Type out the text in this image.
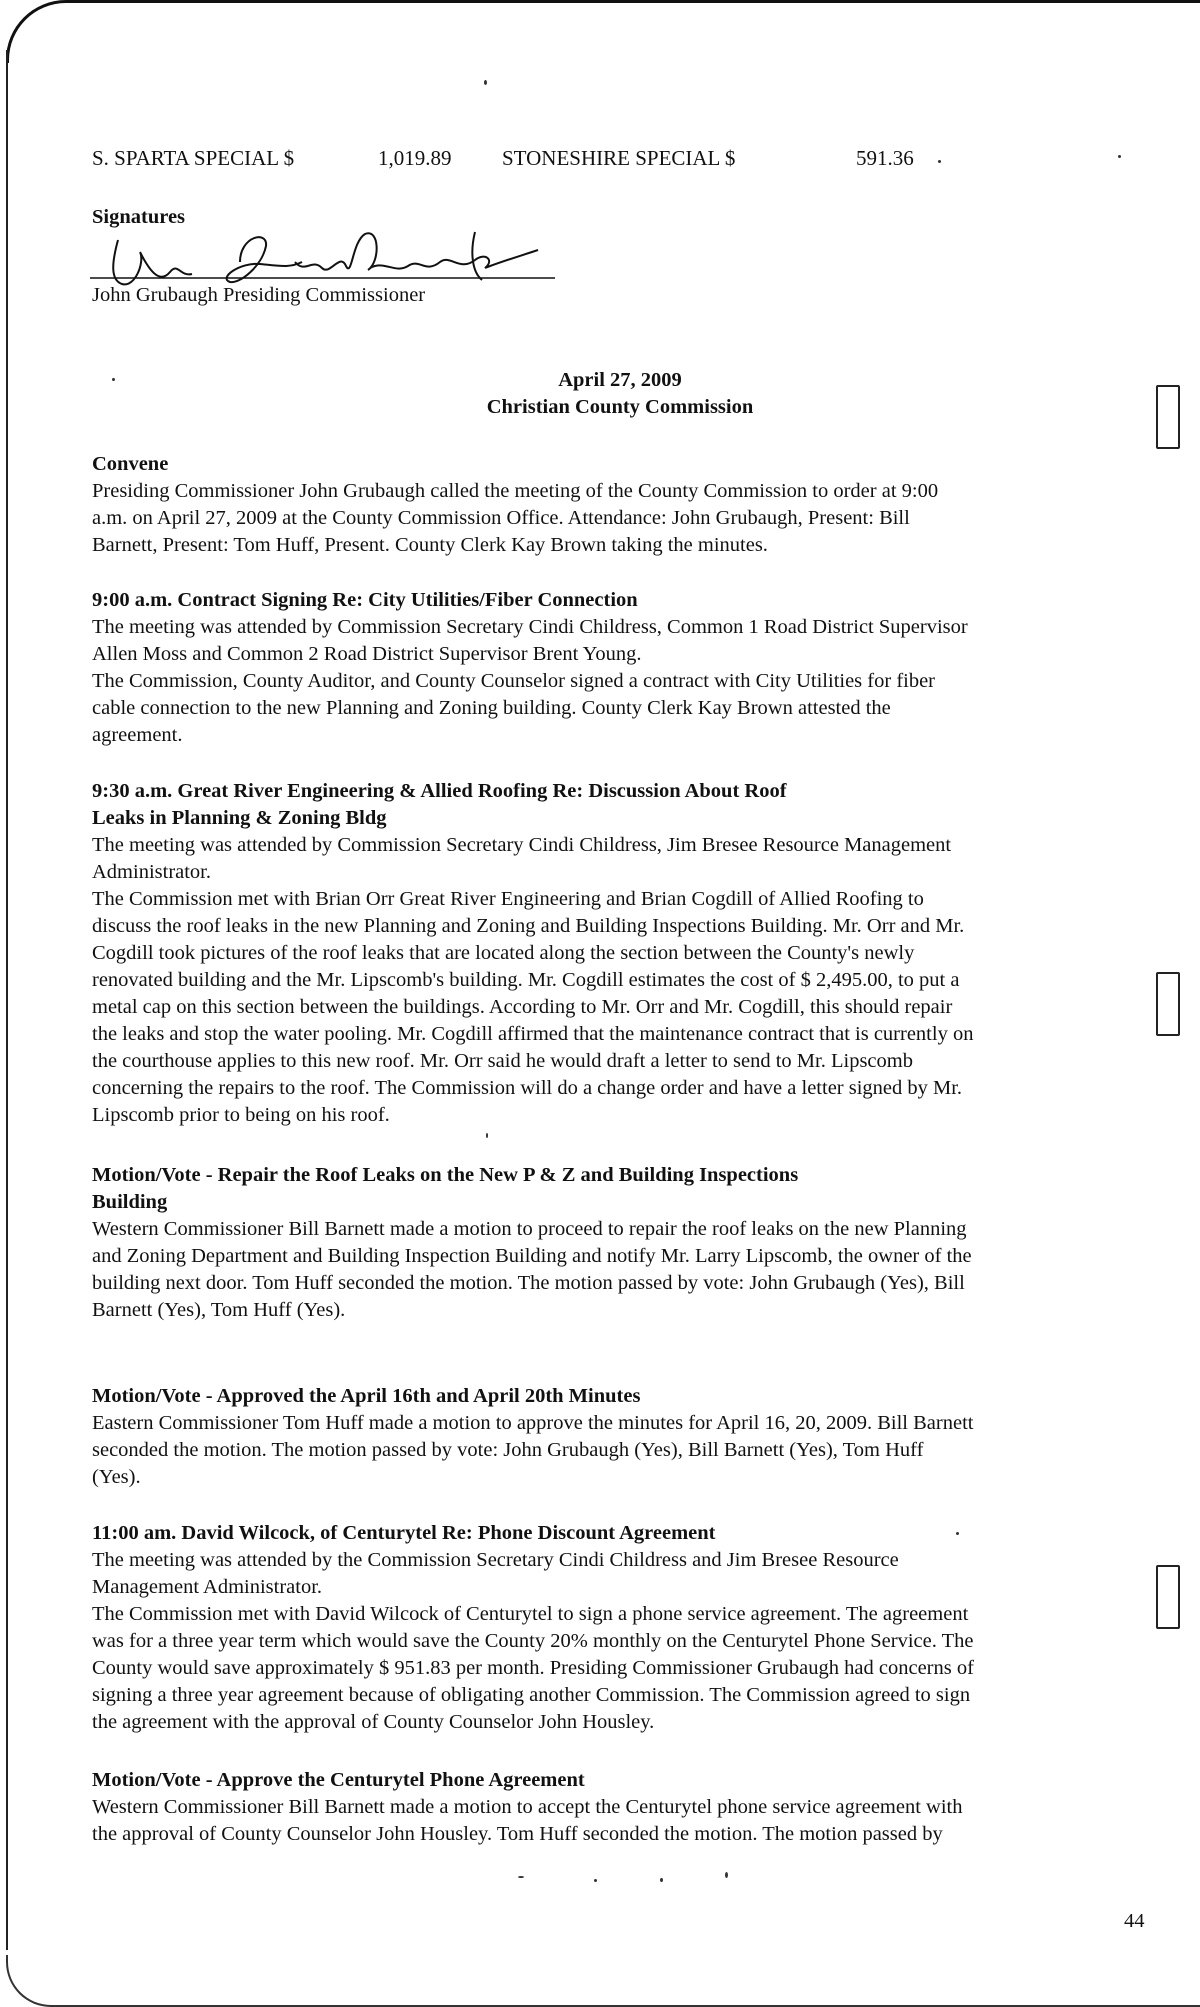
S. SPARTA SPECIAL $	1,019.89 STONESHIRE SPECIAL $	591.36
Signatures
John Grubaugh Presiding Commissioner
April 27, 2009
Christian County Commission
Convene
Presiding Commissioner John Grubaugh called the meeting of the County Commission to order at 9:00
a.m. on April 27, 2009 at the County Commission Office. Attendance: John Grubaugh, Present: Bill
Barnett, Present: Tom Huff, Present. County Clerk Kay Brown taking the minutes.
9:00 a.m. Contract Signing Re: City Utilities/Fiber Connection
The meeting was attended by Commission Secretary Cindi Childress, Common 1 Road District Supervisor
Allen Moss and Common 2 Road District Supervisor Brent Young.
The Commission, County Auditor, and County Counselor signed a contract with City Utilities for fiber
cable connection to the new Planning and Zoning building. County Clerk Kay Brown attested the
agreement.
9:30 a.m. Great River Engineering & Allied Roofing Re: Discussion About Roof
Leaks in Planning & Zoning Bldg
The meeting was attended by Commission Secretary Cindi Childress, Jim Bresee Resource Management
Administrator.
The Commission met with Brian Orr Great River Engineering and Brian Cogdill of Allied Roofing to
discuss the roof leaks in the new Planning and Zoning and Building Inspections Building. Mr. Orr and Mr.
Cogdill took pictures of the roof leaks that are located along the section between the County's newly
renovated building and the Mr. Lipscomb's building. Mr. Cogdill estimates the cost of $ 2,495.00, to put a
metal cap on this section between the buildings. According to Mr. Orr and Mr. Cogdill, this should repair
the leaks and stop the water pooling. Mr. Cogdill affirmed that the maintenance contract that is currently on
the courthouse applies to this new roof. Mr. Orr said he would draft a letter to send to Mr. Lipscomb
concerning the repairs to the roof. The Commission will do a change order and have a letter signed by Mr.
Lipscomb prior to being on his roof.
Motion/Vote - Repair the Roof Leaks on the New P & Z and Building Inspections
Building
Western Commissioner Bill Barnett made a motion to proceed to repair the roof leaks on the new Planning
and Zoning Department and Building Inspection Building and notify Mr. Larry Lipscomb, the owner of the
building next door. Tom Huff seconded the motion. The motion passed by vote: John Grubaugh (Yes), Bill
Barnett (Yes), Tom Huff (Yes).
Motion/Vote - Approved the April 16th and April 20th Minutes
Eastern Commissioner Tom Huff made a motion to approve the minutes for April 16, 20, 2009. Bill Barnett
seconded the motion. The motion passed by vote: John Grubaugh (Yes), Bill Barnett (Yes), Tom Huff
(Yes).
11:00 am. David Wilcock, of Centurytel Re: Phone Discount Agreement
The meeting was attended by the Commission Secretary Cindi Childress and Jim Bresee Resource
Management Administrator.
The Commission met with David Wilcock of Centurytel to sign a phone service agreement. The agreement
was for a three year term which would save the County 20% monthly on the Centurytel Phone Service. The
County would save approximately $ 951.83 per month. Presiding Commissioner Grubaugh had concerns of
signing a three year agreement because of obligating another Commission. The Commission agreed to sign
the agreement with the approval of County Counselor John Housley.
Motion/Vote - Approve the Centurytel Phone Agreement
Western Commissioner Bill Barnett made a motion to accept the Centurytel phone service agreement with
the approval of County Counselor John Housley. Tom Huff seconded the motion. The motion passed by
44
